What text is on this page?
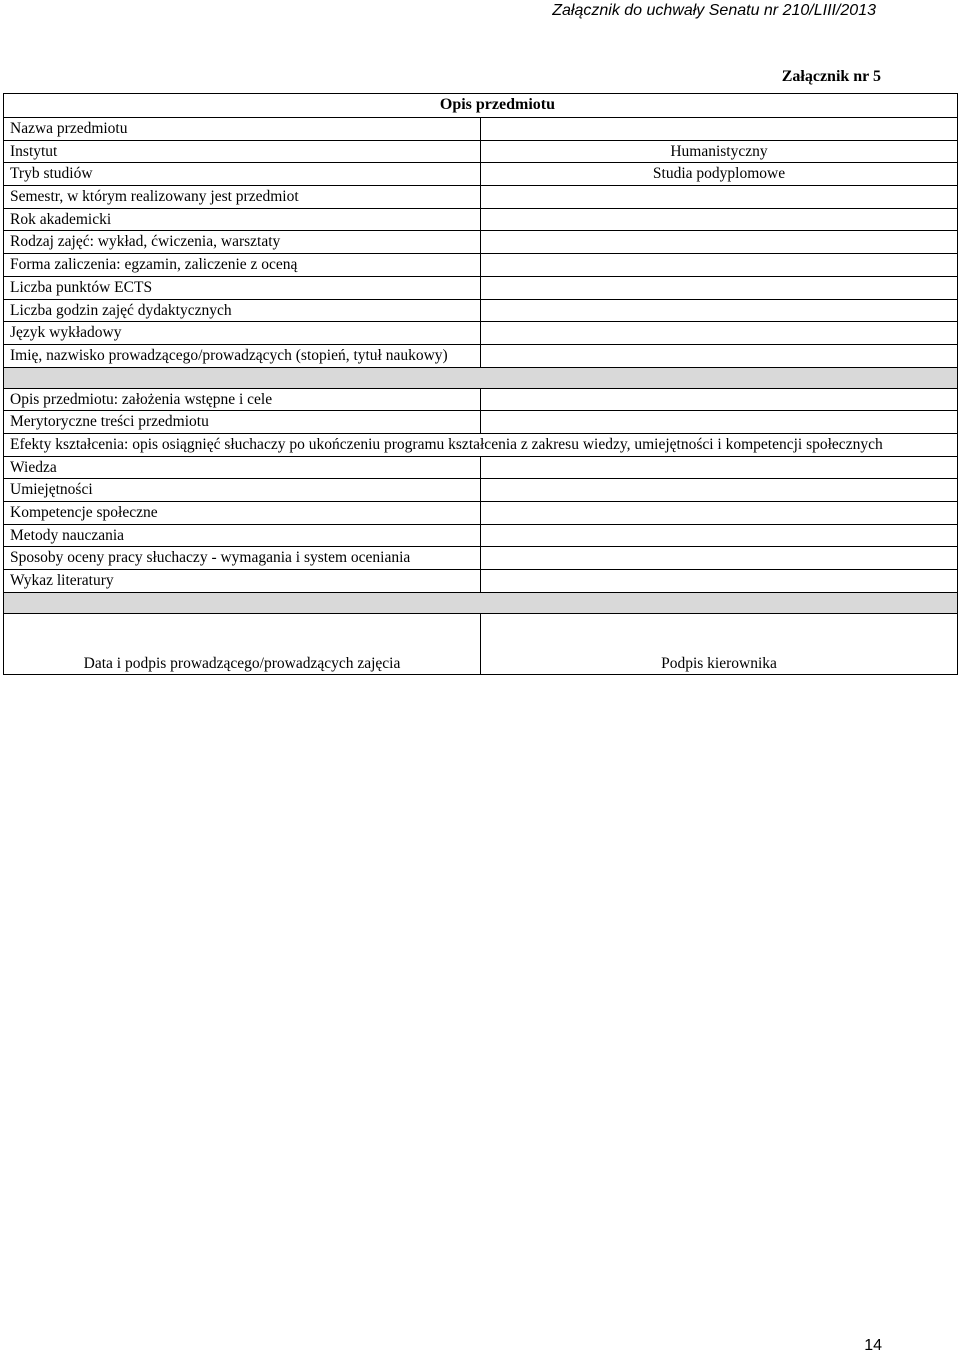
Załącznik do uchwały Senatu nr 210/LIII/2013
Załącznik nr 5
Opis przedmiotu	
Nazwa przedmiotu	
Instytut	Humanistyczny
Tryb studiów	Studia podyplomowe
Semestr, w którym realizowany jest przedmiot	
Rok akademicki	
Rodzaj zajęć: wykład, ćwiczenia, warsztaty	
Forma zaliczenia: egzamin, zaliczenie z oceną	
Liczba punktów ECTS	
Liczba godzin zajęć dydaktycznych	
Język wykładowy	
Imię, nazwisko prowadzącego/prowadzących (stopień, tytuł naukowy)	

Opis przedmiotu: założenia wstępne i cele	
Merytoryczne treści przedmiotu	
Efekty kształcenia: opis osiągnięć słuchaczy po ukończeniu programu kształcenia z zakresu wiedzy, umiejętności i kompetencji społecznych	
Wiedza	
Umiejętności	
Kompetencje społeczne	
Metody nauczania	
Sposoby oceny pracy słuchaczy - wymagania i system oceniania	
Wykaz literatury	

Data i podpis prowadzącego/prowadzących zajęcia	Podpis kierownika
14
